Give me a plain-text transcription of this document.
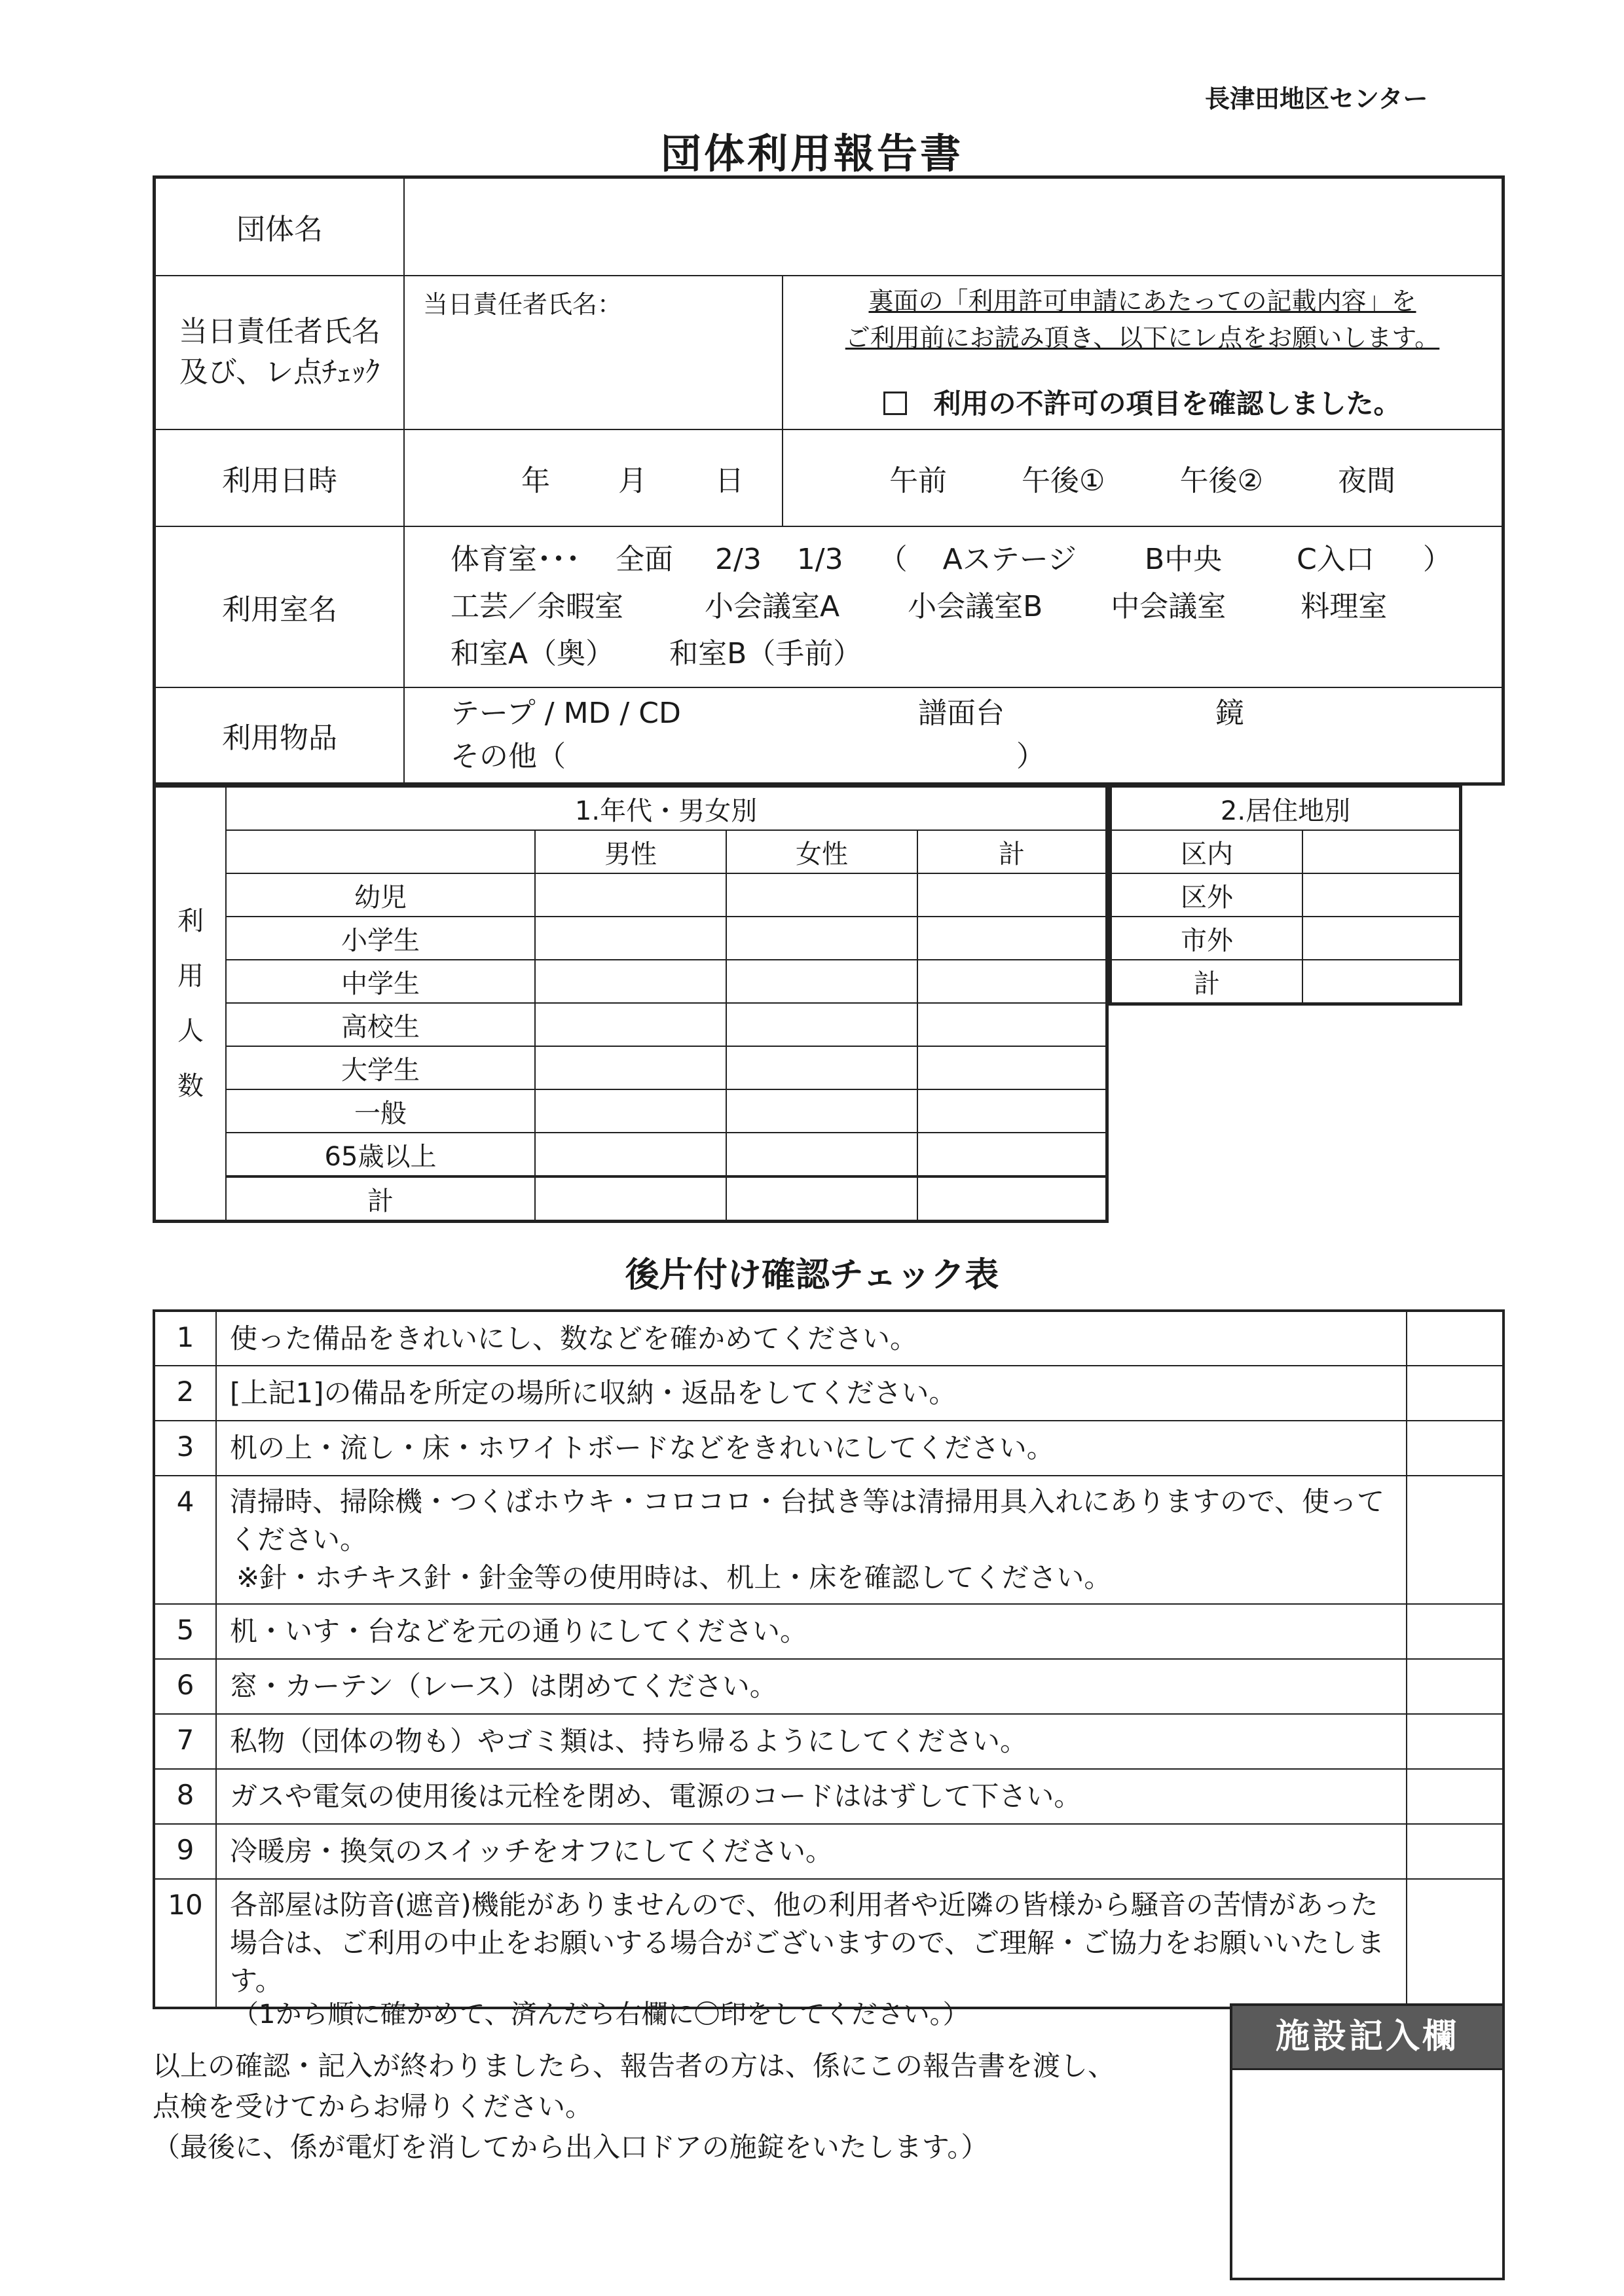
長津田地区センター
団体利用報告書
団体名		
当日責任者氏名
及び、レ点ﾁｪｯｸ	当日責任者氏名：	裏面の「利用許可申請にあたっての記載内容」を
ご利用前にお読み頂き、以下にレ点をお願いします。
利用の不許可の項目を確認しました。

利用日時	年 月 日	午前 午後① 午後② 夜間
利用室名	体育室･･･ 全面 2/3 1/3 （ Aステージ B中央 C入口 ）
工芸／余暇室 小会議室A 小会議室B 中会議室 料理室
和室A（奥） 和室B（手前）	

利用物品	テープ / MD / CD 譜面台 鏡
その他（ ）	
利
用
人
数	1.年代・男女別			
		男性	女性	計
	幼児			
	小学生			
	中学生			
	高校生			
	大学生			
	一般			
	65歳以上			
	計			
2.居住地別	
区内	
区外	
市外	
計	
後片付け確認チェック表
1	使った備品をきれいにし、数などを確かめてください。	
2	[上記1]の備品を所定の場所に収納・返品をしてください。	
3	机の上・流し・床・ホワイトボードなどをきれいにしてください。	
4	清掃時、掃除機・つくばホウキ・コロコロ・台拭き等は清掃用具入れにありますので、使ってください。
※針・ホチキス針・針金等の使用時は、机上・床を確認してください。	

5	机・いす・台などを元の通りにしてください。	
6	窓・カーテン（レース）は閉めてください。	
7	私物（団体の物も）やゴミ類は、持ち帰るようにしてください。	
8	ガスや電気の使用後は元栓を閉め、電源のコードははずして下さい。	
9	冷暖房・換気のスイッチをオフにしてください。	
10	各部屋は防音(遮音)機能がありませんので、他の利用者や近隣の皆様から騒音の苦情があった場合は、ご利用の中止をお願いする場合がございますので、ご理解・ご協力をお願いいたします。	
（1から順に確かめて、済んだら右欄に〇印をしてください。）
以上の確認・記入が終わりましたら、報告者の方は、係にこの報告書を渡し、
点検を受けてからお帰りください。
（最後に、係が電灯を消してから出入口ドアの施錠をいたします。）
施設記入欄
